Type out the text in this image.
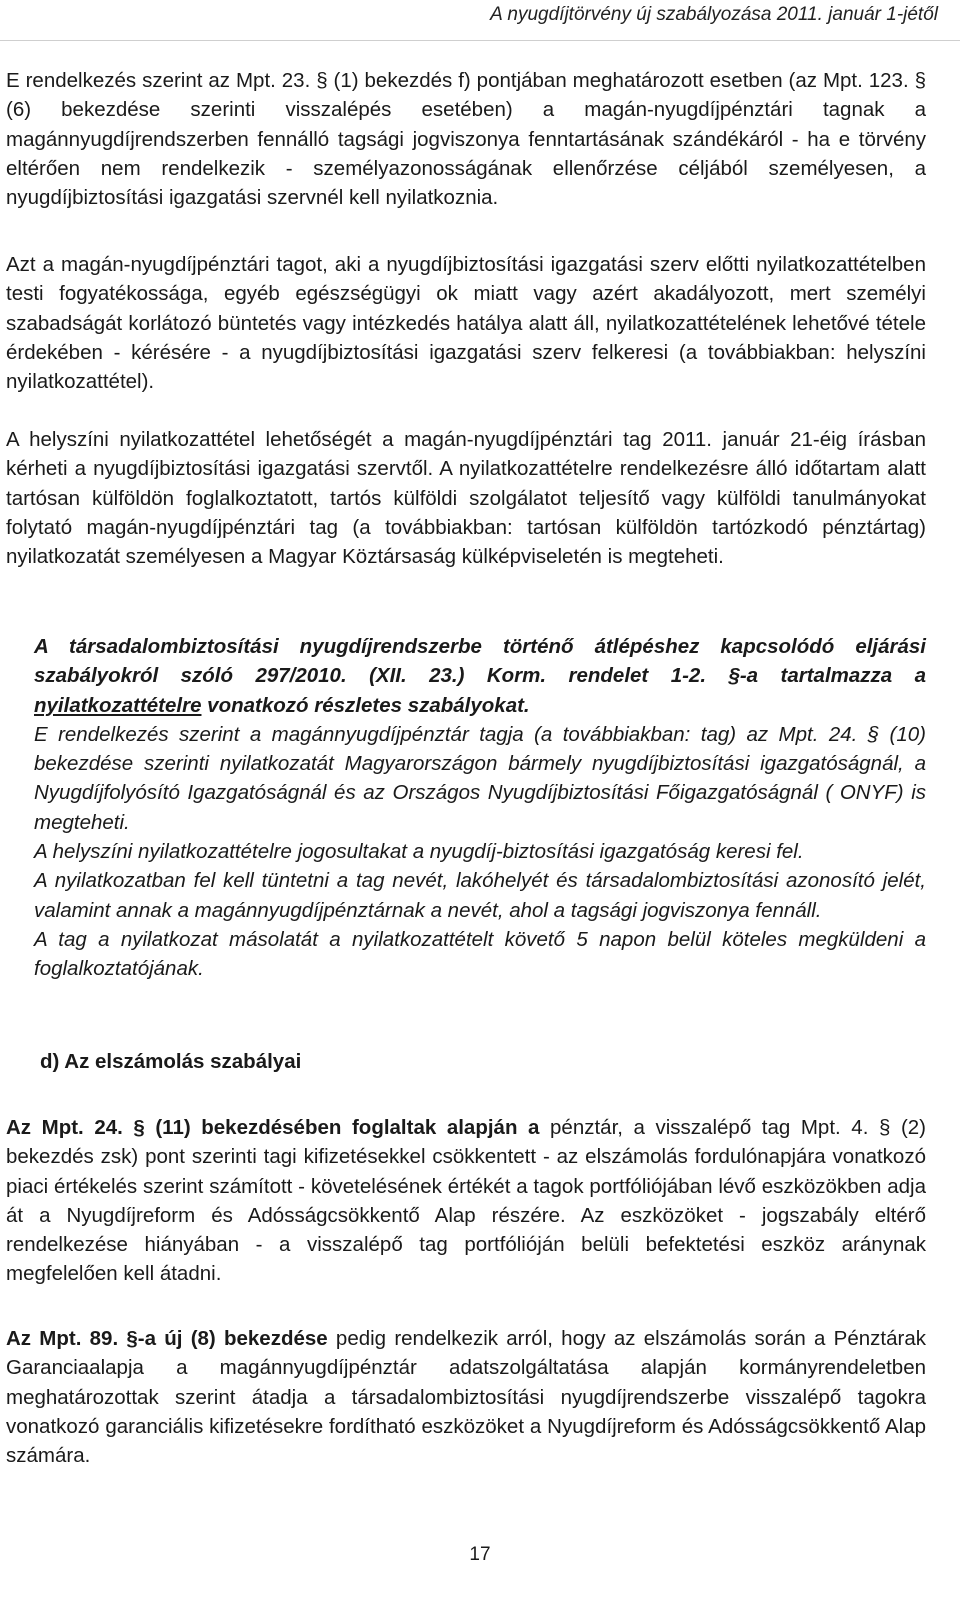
A nyugdíjtörvény új szabályozása 2011. január 1-jétől

E rendelkezés szerint az Mpt. 23. § (1) bekezdés f) pontjában meghatározott esetben (az Mpt. 123. § (6) bekezdése szerinti visszalépés esetében) a magán-nyugdíjpénztári tagnak a magánnyugdíjrendszerben fennálló tagsági jogviszonya fenntartásának szándékáról - ha e törvény eltérően nem rendelkezik - személyazonosságának ellenőrzése céljából személyesen, a nyugdíjbiztosítási igazgatási szervnél kell nyilatkoznia.

Azt a magán-nyugdíjpénztári tagot, aki a nyugdíjbiztosítási igazgatási szerv előtti nyilatkozattételben testi fogyatékossága, egyéb egészségügyi ok miatt vagy azért akadályozott, mert személyi szabadságát korlátozó büntetés vagy intézkedés hatálya alatt áll, nyilatkozattételének lehetővé tétele érdekében - kérésére - a nyugdíjbiztosítási igazgatási szerv felkeresi (a továbbiakban: helyszíni nyilatkozattétel).

A helyszíni nyilatkozattétel lehetőségét a magán-nyugdíjpénztári tag 2011. január 21-éig írásban kérheti a nyugdíjbiztosítási igazgatási szervtől. A nyilatkozattételre rendelkezésre álló időtartam alatt tartósan külföldön foglalkoztatott, tartós külföldi szolgálatot teljesítő vagy külföldi tanulmányokat folytató magán-nyugdíjpénztári tag (a továbbiakban: tartósan külföldön tartózkodó pénztártag) nyilatkozatát személyesen a Magyar Köztársaság külképviseletén is megteheti.

A társadalombiztosítási nyugdíjrendszerbe történő átlépéshez kapcsolódó eljárási szabályokról szóló 297/2010. (XII. 23.) Korm. rendelet 1-2. §-a tartalmazza a nyilatkozattételre vonatkozó részletes szabályokat.

E rendelkezés szerint a magánnyugdíjpénztár tagja (a továbbiakban: tag) az Mpt. 24. § (10) bekezdése szerinti nyilatkozatát Magyarországon bármely nyugdíjbiztosítási igazgatóságnál, a Nyugdíjfolyósító Igazgatóságnál és az Országos Nyugdíjbiztosítási Főigazgatóságnál ( ONYF) is megteheti.

A helyszíni nyilatkozattételre jogosultakat a nyugdíj-biztosítási igazgatóság keresi fel.

A nyilatkozatban fel kell tüntetni a tag nevét, lakóhelyét és társadalombiztosítási azonosító jelét, valamint annak a magánnyugdíjpénztárnak a nevét, ahol a tagsági jogviszonya fennáll.

A tag a nyilatkozat másolatát a nyilatkozattételt követő 5 napon belül köteles megküldeni a foglalkoztatójának.

d) Az elszámolás szabályai

Az Mpt. 24. § (11) bekezdésében foglaltak alapján a pénztár, a visszalépő tag Mpt. 4. § (2) bekezdés zsk) pont szerinti tagi kifizetésekkel csökkentett - az elszámolás fordulónapjára vonatkozó piaci értékelés szerint számított - követelésének értékét a tagok portfóliójában lévő eszközökben adja át a Nyugdíjreform és Adósságcsökkentő Alap részére. Az eszközöket - jogszabály eltérő rendelkezése hiányában - a visszalépő tag portfólióján belüli befektetési eszköz aránynak megfelelően kell átadni.

Az Mpt. 89. §-a új (8) bekezdése pedig rendelkezik arról, hogy az elszámolás során a Pénztárak Garanciaalapja a magánnyugdíjpénztár adatszolgáltatása alapján kormányrendeletben meghatározottak szerint átadja a társadalombiztosítási nyugdíjrendszerbe visszalépő tagokra vonatkozó garanciális kifizetésekre fordítható eszközöket a Nyugdíjreform és Adósságcsökkentő Alap számára.

17
